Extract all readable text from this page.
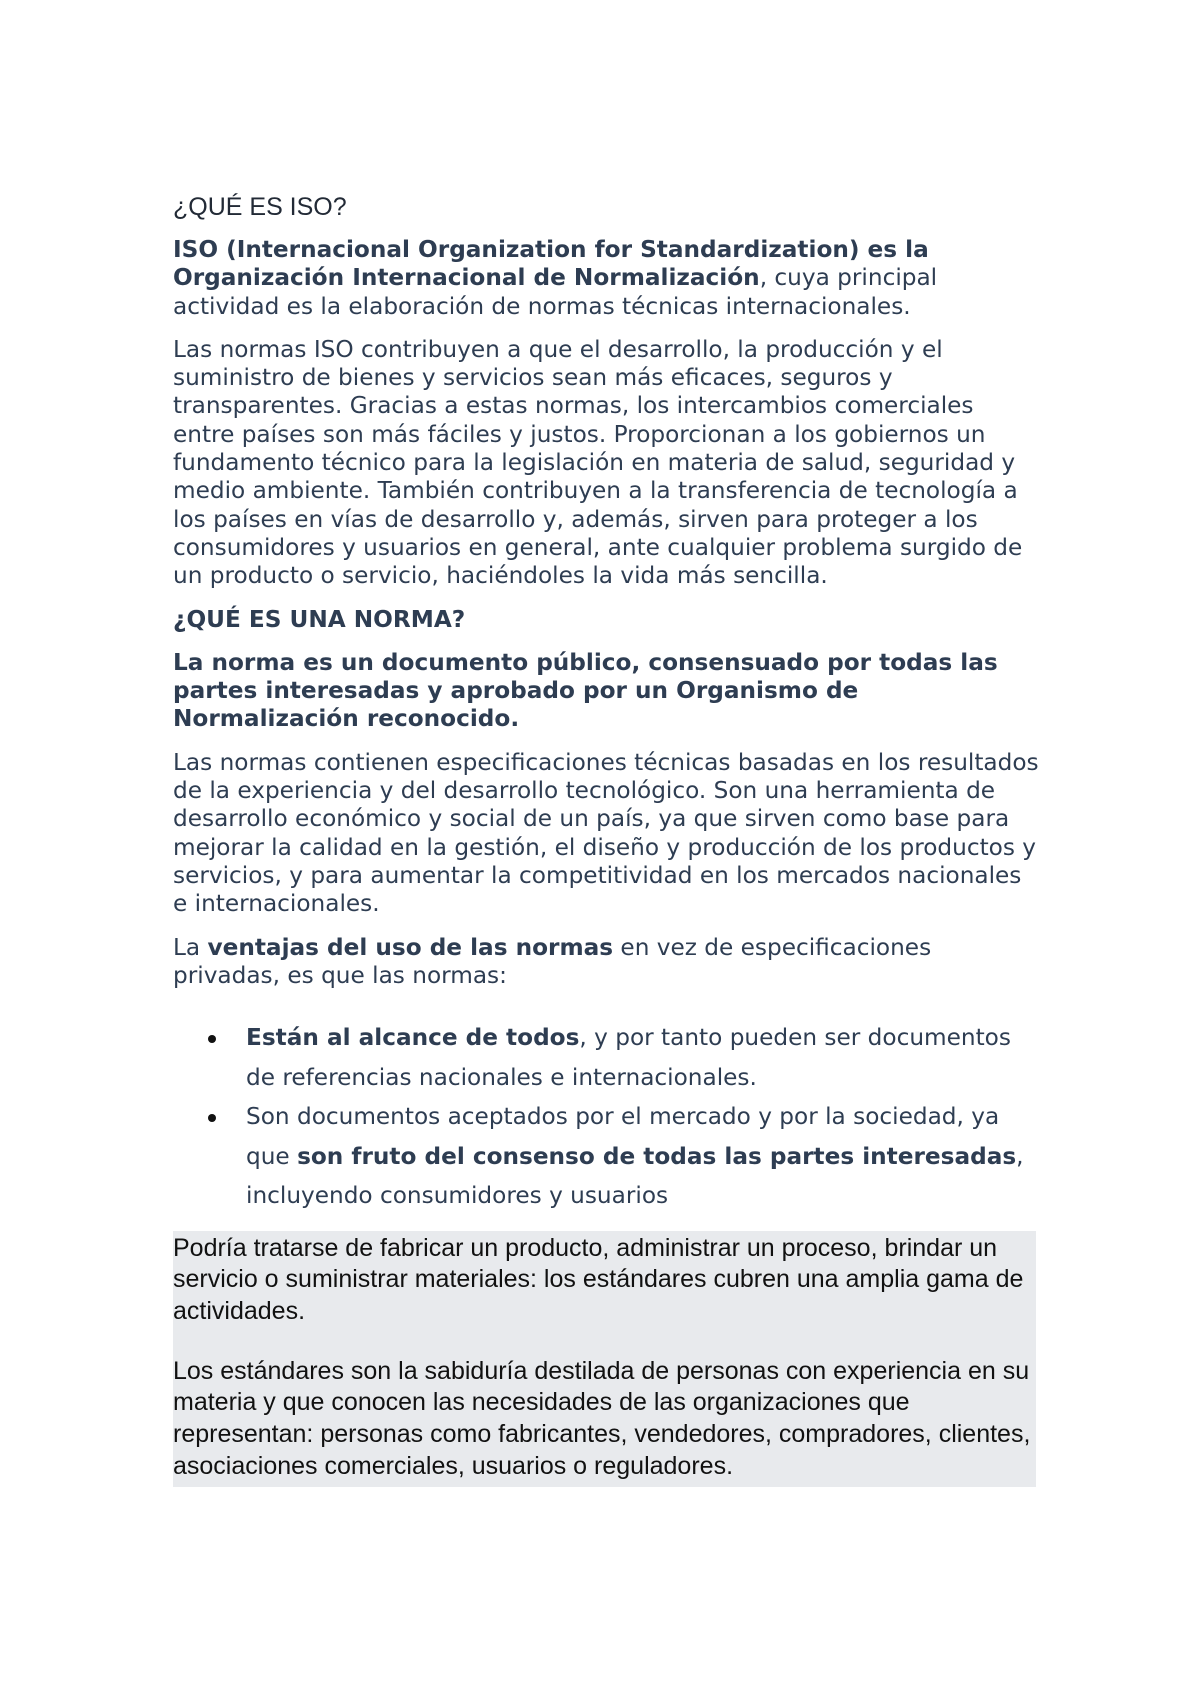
¿QUÉ ES ISO?

ISO (Internacional Organization for Standardization) es la Organización Internacional de Normalización, cuya principal actividad es la elaboración de normas técnicas internacionales.

Las normas ISO contribuyen a que el desarrollo, la producción y el suministro de bienes y servicios sean más eficaces, seguros y transparentes. Gracias a estas normas, los intercambios comerciales entre países son más fáciles y justos. Proporcionan a los gobiernos un fundamento técnico para la legislación en materia de salud, seguridad y medio ambiente. También contribuyen a la transferencia de tecnología a los países en vías de desarrollo y, además, sirven para proteger a los consumidores y usuarios en general, ante cualquier problema surgido de un producto o servicio, haciéndoles la vida más sencilla.

¿QUÉ ES UNA NORMA?

La norma es un documento público, consensuado por todas las partes interesadas y aprobado por un Organismo de Normalización reconocido.

Las normas contienen especificaciones técnicas basadas en los resultados de la experiencia y del desarrollo tecnológico. Son una herramienta de desarrollo económico y social de un país, ya que sirven como base para mejorar la calidad en la gestión, el diseño y producción de los productos y servicios, y para aumentar la competitividad en los mercados nacionales e internacionales.

La ventajas del uso de las normas en vez de especificaciones privadas, es que las normas:

Están al alcance de todos, y por tanto pueden ser documentos de referencias nacionales e internacionales.
Son documentos aceptados por el mercado y por la sociedad, ya que son fruto del consenso de todas las partes interesadas, incluyendo consumidores y usuarios

Podría tratarse de fabricar un producto, administrar un proceso, brindar un servicio o suministrar materiales: los estándares cubren una amplia gama de actividades.

Los estándares son la sabiduría destilada de personas con experiencia en su materia y que conocen las necesidades de las organizaciones que representan: personas como fabricantes, vendedores, compradores, clientes, asociaciones comerciales, usuarios o reguladores.
